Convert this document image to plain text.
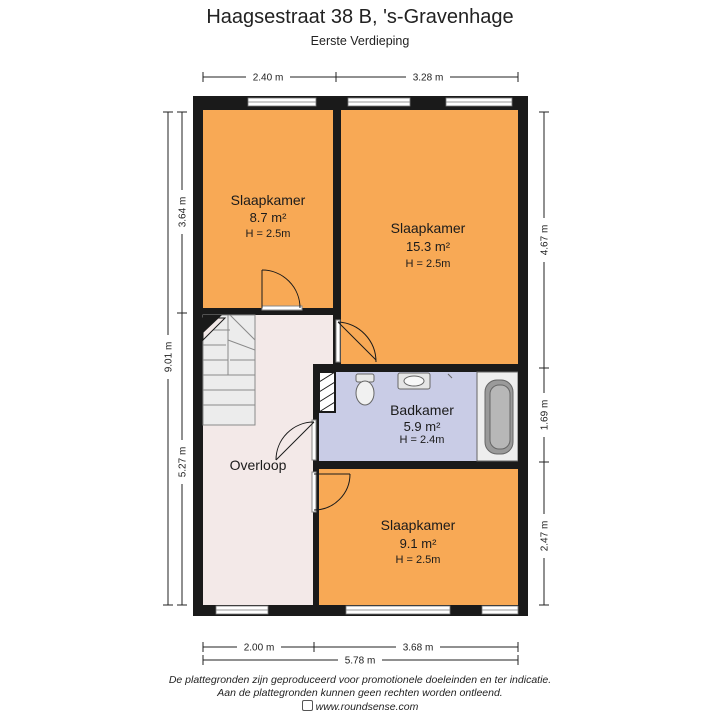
Haagsestraat 38 B, 's-Gravenhage
Eerste Verdieping
2.40 m	3.28 m
2.00 m	3.68 m
5.78 m
3.64 m
5.27 m
9.01 m
4.67 m
1.69 m
2.47 m
Slaapkamer
8.7 m²
H = 2.5m	Slaapkamer
15.3 m²
H = 2.5m
Badkamer
5.9 m²
H = 2.4m
Overloop
Slaapkamer
9.1 m²
H = 2.5m
De plattegronden zijn geproduceerd voor promotionele doeleinden en ter indicatie.
Aan de plattegronden kunnen geen rechten worden ontleend.
www.roundsense.com
